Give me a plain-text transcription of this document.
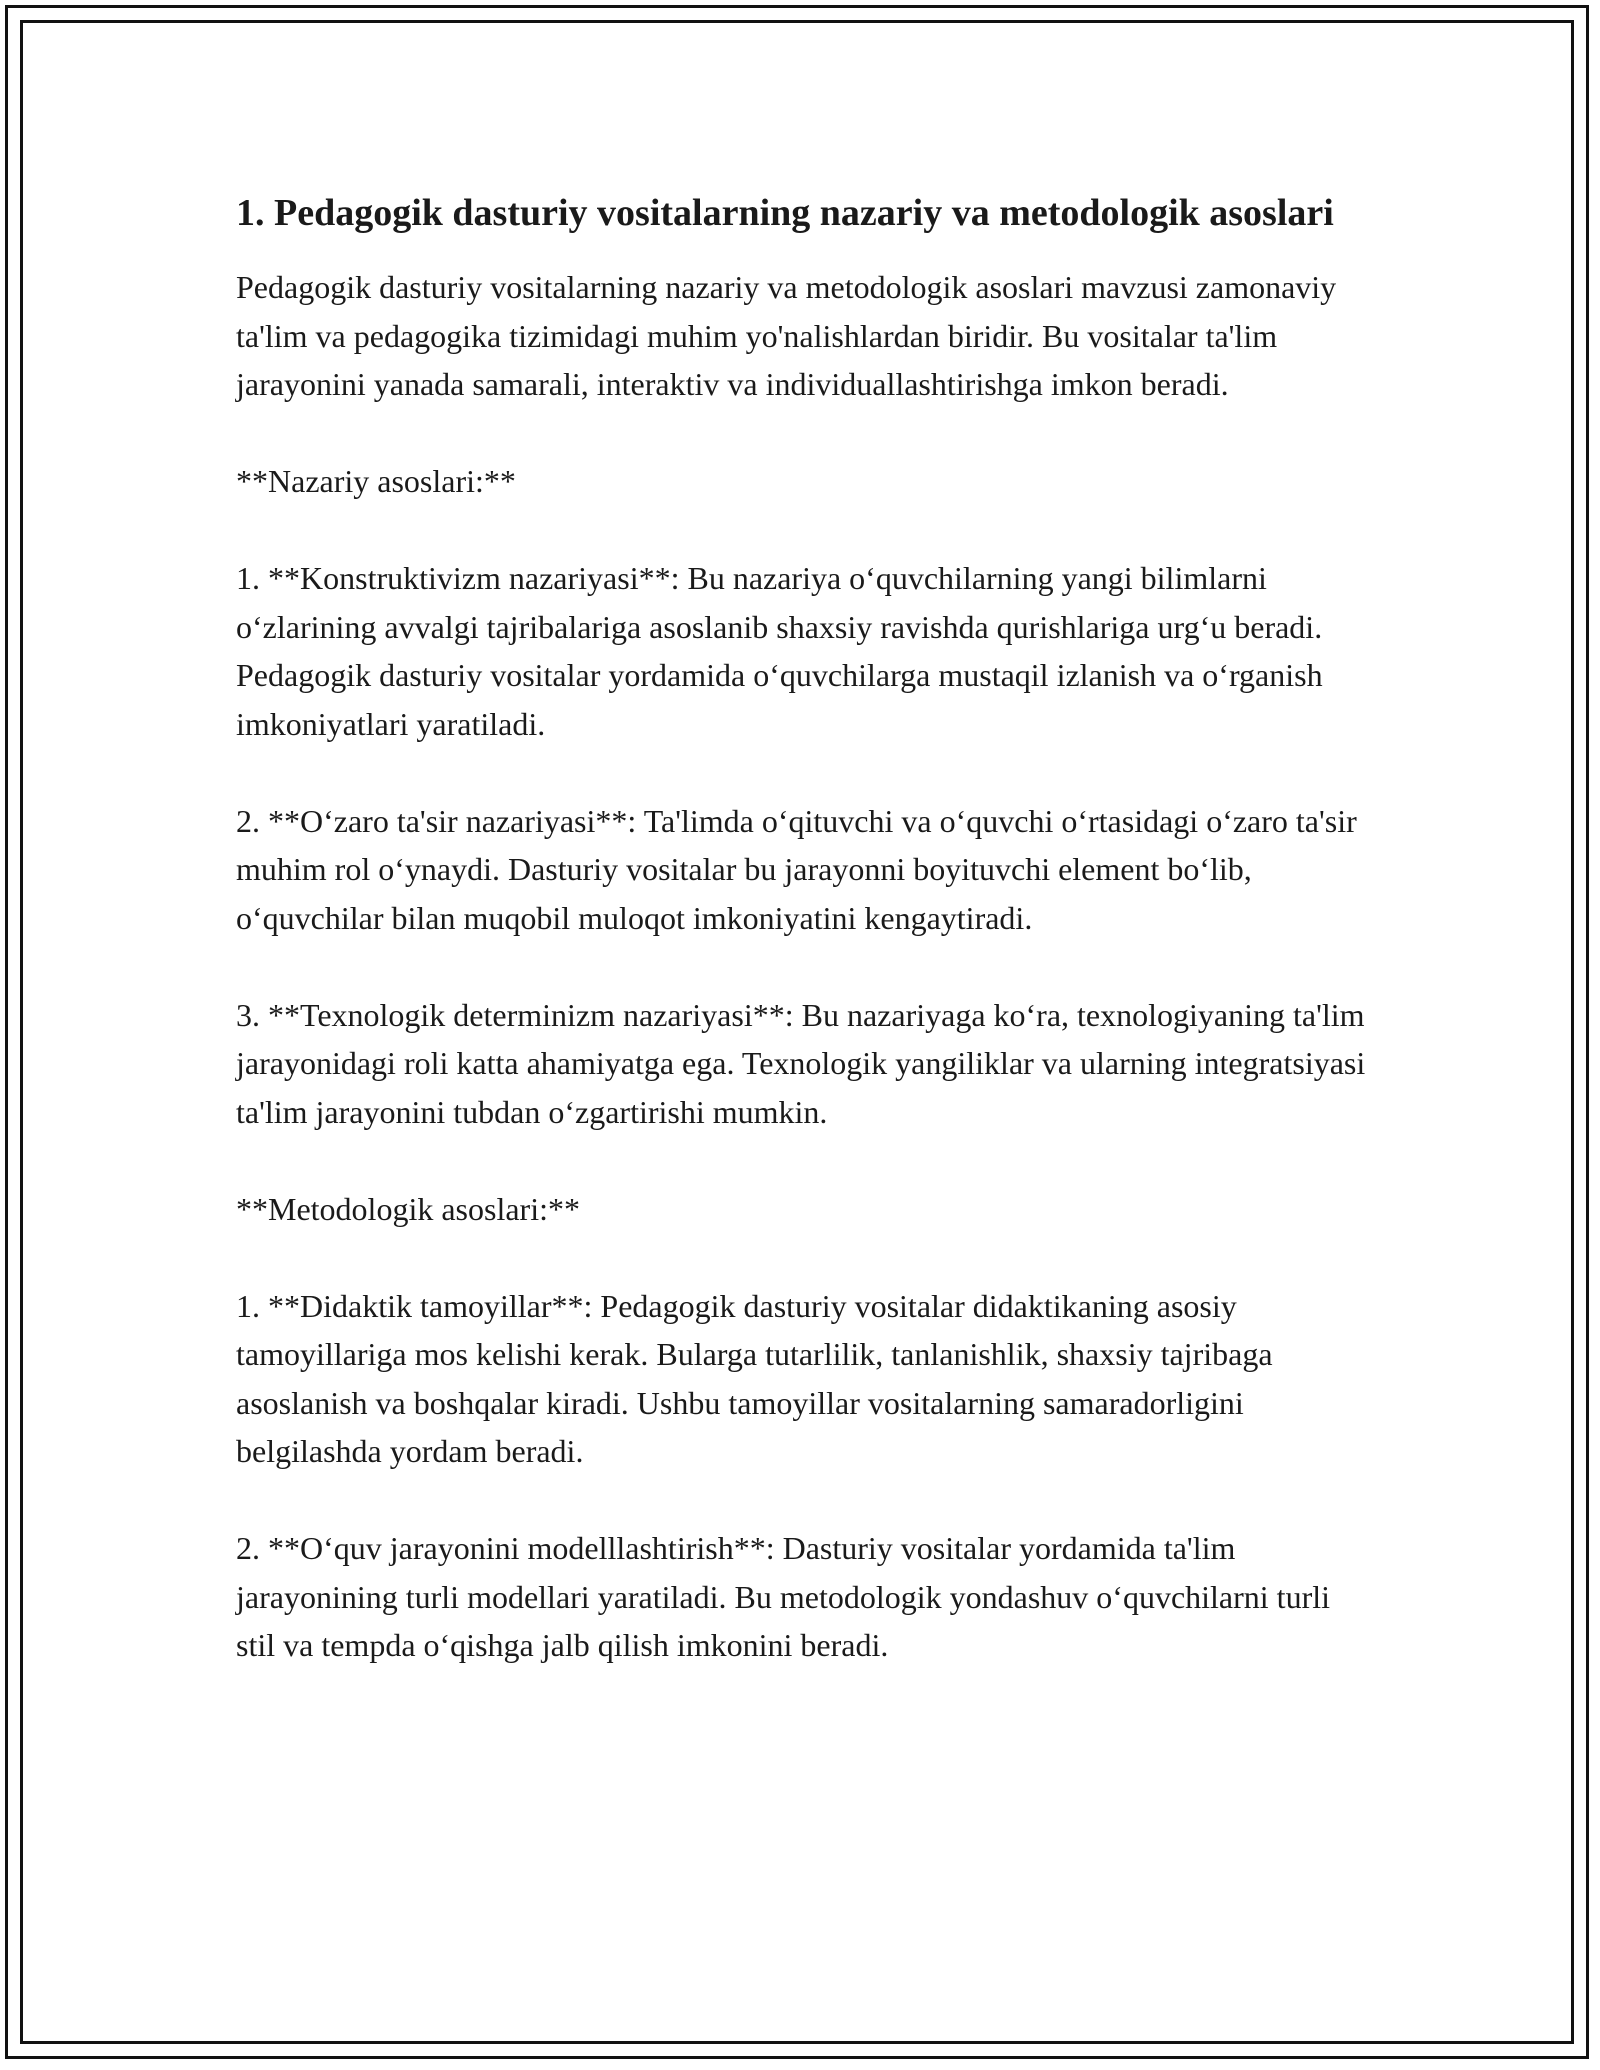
1. Pedagogik dasturiy vositalarning nazariy va metodologik asoslari

Pedagogik dasturiy vositalarning nazariy va metodologik asoslari mavzusi zamonaviy ta'lim va pedagogika tizimidagi muhim yo'nalishlardan biridir. Bu vositalar ta'lim jarayonini yanada samarali, interaktiv va individuallashtirishga imkon beradi.

**Nazariy asoslari:**

1. **Konstruktivizm nazariyasi**: Bu nazariya o‘quvchilarning yangi bilimlarni o‘zlarining avvalgi tajribalariga asoslanib shaxsiy ravishda qurishlariga urg‘u beradi. Pedagogik dasturiy vositalar yordamida o‘quvchilarga mustaqil izlanish va o‘rganish imkoniyatlari yaratiladi.

2. **O‘zaro ta'sir nazariyasi**: Ta'limda o‘qituvchi va o‘quvchi o‘rtasidagi o‘zaro ta'sir muhim rol o‘ynaydi. Dasturiy vositalar bu jarayonni boyituvchi element bo‘lib, o‘quvchilar bilan muqobil muloqot imkoniyatini kengaytiradi.

3. **Texnologik determinizm nazariyasi**: Bu nazariyaga ko‘ra, texnologiyaning ta'lim jarayonidagi roli katta ahamiyatga ega. Texnologik yangiliklar va ularning integratsiyasi ta'lim jarayonini tubdan o‘zgartirishi mumkin.

**Metodologik asoslari:**

1. **Didaktik tamoyillar**: Pedagogik dasturiy vositalar didaktikaning asosiy tamoyillariga mos kelishi kerak. Bularga tutarlilik, tanlanishlik, shaxsiy tajribaga asoslanish va boshqalar kiradi. Ushbu tamoyillar vositalarning samaradorligini belgilashda yordam beradi.

2. **O‘quv jarayonini modelllashtirish**: Dasturiy vositalar yordamida ta'lim jarayonining turli modellari yaratiladi. Bu metodologik yondashuv o‘quvchilarni turli stil va tempda o‘qishga jalb qilish imkonini beradi.
